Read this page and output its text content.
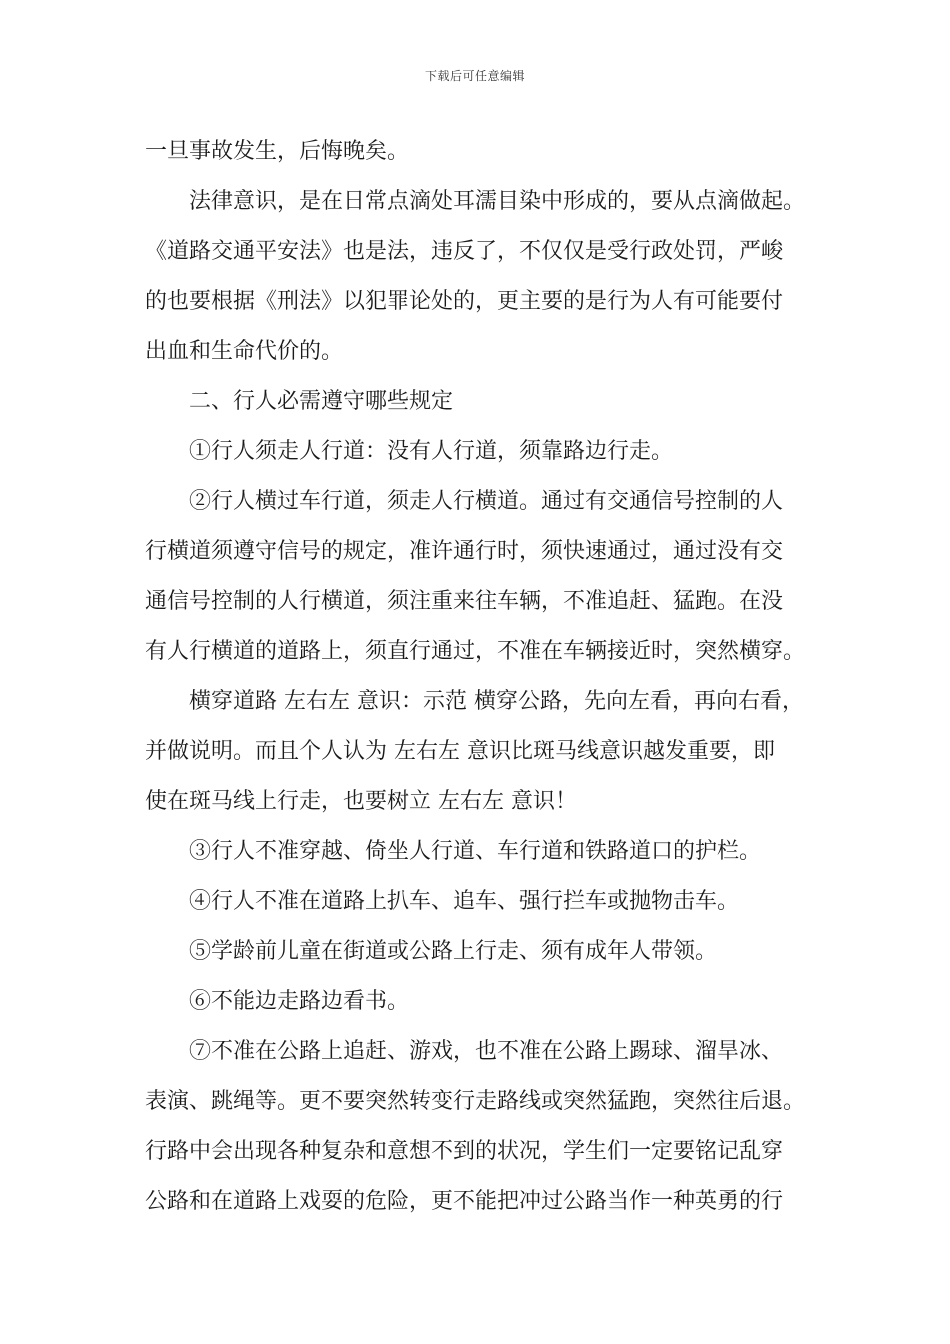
下载后可任意编辑
一旦事故发生，后悔晚矣。
法律意识，是在日常点滴处耳濡目染中形成的，要从点滴做起。
《道路交通平安法》也是法，违反了，不仅仅是受行政处罚，严峻
的也要根据《刑法》以犯罪论处的，更主要的是行为人有可能要付
出血和生命代价的。
二、行人必需遵守哪些规定
①行人须走人行道：没有人行道，须靠路边行走。
②行人横过车行道，须走人行横道。通过有交通信号控制的人
行横道须遵守信号的规定，准许通行时，须快速通过，通过没有交
通信号控制的人行横道，须注重来往车辆，不准追赶、猛跑。在没
有人行横道的道路上，须直行通过，不准在车辆接近时，突然横穿。
横穿道路 左右左 意识：示范 横穿公路，先向左看，再向右看，
并做说明。而且个人认为 左右左 意识比斑马线意识越发重要，即
使在斑马线上行走，也要树立 左右左 意识！
③行人不准穿越、倚坐人行道、车行道和铁路道口的护栏。
④行人不准在道路上扒车、追车、强行拦车或抛物击车。
⑤学龄前儿童在街道或公路上行走、须有成年人带领。
⑥不能边走路边看书。
⑦不准在公路上追赶、游戏，也不准在公路上踢球、溜旱冰、
表演、跳绳等。更不要突然转变行走路线或突然猛跑，突然往后退。
行路中会出现各种复杂和意想不到的状况，学生们一定要铭记乱穿
公路和在道路上戏耍的危险，更不能把冲过公路当作一种英勇的行
